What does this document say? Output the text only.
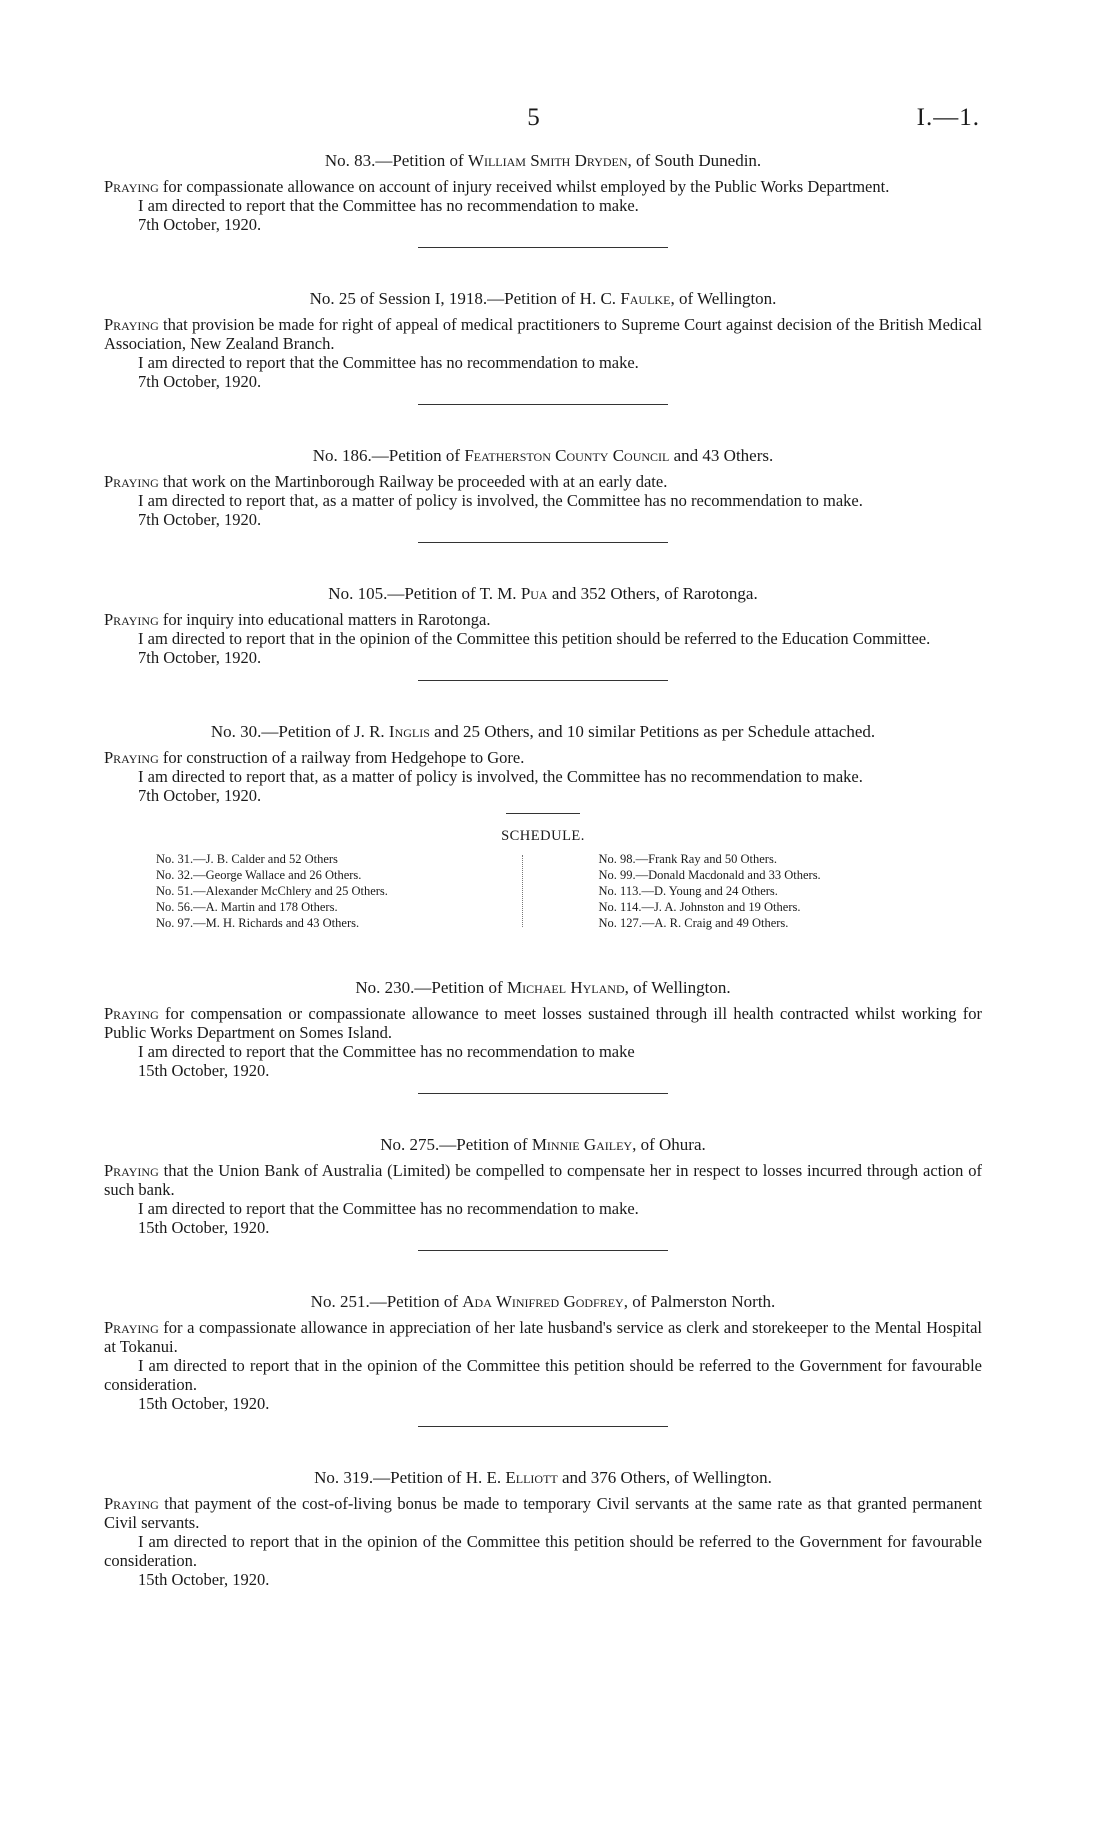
5	I.—1.

No. 83.—Petition of William Smith Dryden, of South Dunedin.

Praying for compassionate allowance on account of injury received whilst employed by the Public Works Department.

I am directed to report that the Committee has no recommendation to make.

7th October, 1920.

No. 25 of Session I, 1918.—Petition of H. C. Faulke, of Wellington.

Praying that provision be made for right of appeal of medical practitioners to Supreme Court against decision of the British Medical Association, New Zealand Branch.

I am directed to report that the Committee has no recommendation to make.

7th October, 1920.

No. 186.—Petition of Featherston County Council and 43 Others.

Praying that work on the Martinborough Railway be proceeded with at an early date.

I am directed to report that, as a matter of policy is involved, the Committee has no recommendation to make.

7th October, 1920.

No. 105.—Petition of T. M. Pua and 352 Others, of Rarotonga.

Praying for inquiry into educational matters in Rarotonga.

I am directed to report that in the opinion of the Committee this petition should be referred to the Education Committee.

7th October, 1920.

No. 30.—Petition of J. R. Inglis and 25 Others, and 10 similar Petitions as per Schedule attached.

Praying for construction of a railway from Hedgehope to Gore.

I am directed to report that, as a matter of policy is involved, the Committee has no recommendation to make.

7th October, 1920.

SCHEDULE.

No. 31.—J. B. Calder and 52 Others
No. 32.—George Wallace and 26 Others.
No. 51.—Alexander McChlery and 25 Others.
No. 56.—A. Martin and 178 Others.
No. 97.—M. H. Richards and 43 Others.
No. 98.—Frank Ray and 50 Others.
No. 99.—Donald Macdonald and 33 Others.
No. 113.—D. Young and 24 Others.
No. 114.—J. A. Johnston and 19 Others.
No. 127.—A. R. Craig and 49 Others.

No. 230.—Petition of Michael Hyland, of Wellington.

Praying for compensation or compassionate allowance to meet losses sustained through ill health contracted whilst working for Public Works Department on Somes Island.

I am directed to report that the Committee has no recommendation to make

15th October, 1920.

No. 275.—Petition of Minnie Gailey, of Ohura.

Praying that the Union Bank of Australia (Limited) be compelled to compensate her in respect to losses incurred through action of such bank.

I am directed to report that the Committee has no recommendation to make.

15th October, 1920.

No. 251.—Petition of Ada Winifred Godfrey, of Palmerston North.

Praying for a compassionate allowance in appreciation of her late husband's service as clerk and storekeeper to the Mental Hospital at Tokanui.

I am directed to report that in the opinion of the Committee this petition should be referred to the Government for favourable consideration.

15th October, 1920.

No. 319.—Petition of H. E. Elliott and 376 Others, of Wellington.

Praying that payment of the cost-of-living bonus be made to temporary Civil servants at the same rate as that granted permanent Civil servants.

I am directed to report that in the opinion of the Committee this petition should be referred to the Government for favourable consideration.

15th October, 1920.
